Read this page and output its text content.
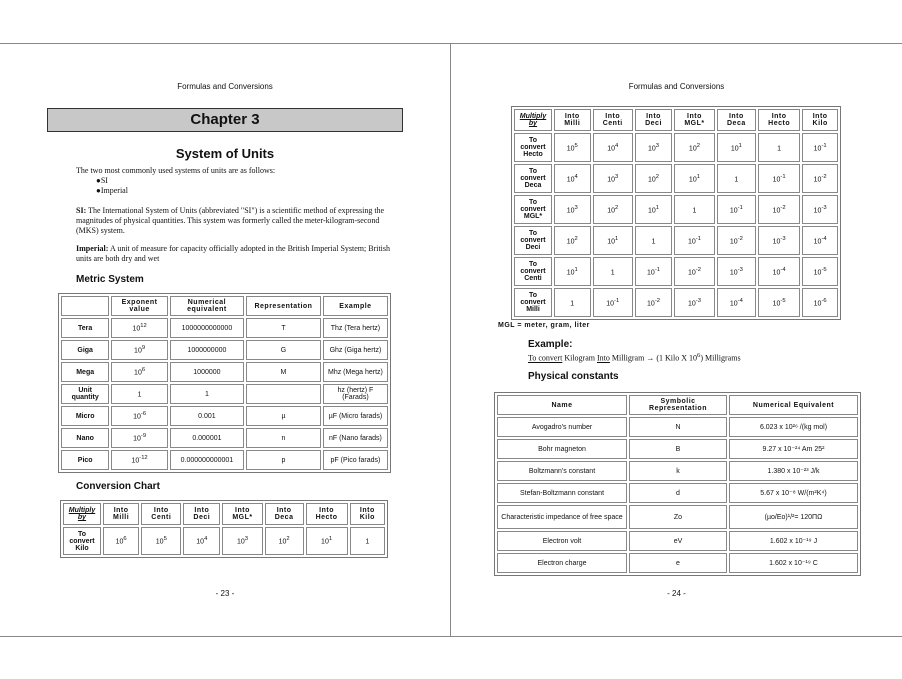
Formulas and Conversions
Chapter 3
System of Units
The two most commonly used systems of units are as follows:
●SI
●Imperial
SI: The International System of Units (abbreviated "SI") is a scientific method of expressing the magnitudes of physical quantities. This system was formerly called the meter-kilogram-second (MKS) system.
Imperial: A unit of measure for capacity officially adopted in the British Imperial System; British units are both dry and wet
Metric System
	Exponent value	Numerical equivalent	Representation	Example
Tera	$10^{12}$	1000000000000	T	Thz (Tera hertz)
Giga	$10^9$	1000000000	G	Ghz (Giga hertz)
Mega	$10^6$	1000000	M	Mhz (Mega hertz)
Unit quantity	1	1		hz (hertz) F (Farads)
Micro	$10^{-6}$	0.001	µ	µF (Micro farads)
Nano	$10^{-9}$	0.000001	n	nF (Nano farads)
Pico	$10^{-12}$	0.000000000001	p	pF (Pico farads)
Conversion Chart
Multiply by	Into Milli	Into Centi	Into Deci	Into MGL*	Into Deca	Into Hecto	Into Kilo
To convert Kilo	$10^6$	$10^5$	$10^4$	$10^3$	$10^2$	$10^1$	1
- 23 -
Formulas and Conversions
Multiply by	Into Milli	Into Centi	Into Deci	Into MGL*	Into Deca	Into Hecto	Into Kilo
To convert Hecto	$10^5$	$10^4$	$10^3$	$10^2$	$10^1$	1	$10^{-1}$
To convert Deca	$10^4$	$10^3$	$10^2$	$10^1$	1	$10^{-1}$	$10^{-2}$
To convert MGL*	$10^3$	$10^2$	$10^1$	1	$10^{-1}$	$10^{-2}$	$10^{-3}$
To convert Deci	$10^2$	$10^1$	1	$10^{-1}$	$10^{-2}$	$10^{-3}$	$10^{-4}$
To convert Centi	$10^1$	1	$10^{-1}$	$10^{-2}$	$10^{-3}$	$10^{-4}$	$10^{-5}$
To convert Milli	1	$10^{-1}$	$10^{-2}$	$10^{-3}$	$10^{-4}$	$10^{-5}$	$10^{-6}$
MGL = meter, gram, liter
Example:
To convert Kilogram Into Milligram → (1 Kilo X $10^6$) Milligrams
Physical constants
Name	Symbolic Representation	Numerical Equivalent
Avogadro's number	N	6.023 x 10²⁶ /(kg mol)
Bohr magneton	B	9.27 x 10⁻²⁴ Am 25²
Boltzmann's constant	k	1.380 x 10⁻²³ J/k
Stefan-Boltzmann constant	d	5.67 x 10⁻⁸ W/(m²K⁴)
Characteristic impedance of free space	Zo	(µo/Eo)¹/²= 120ΠΩ
Electron volt	eV	1.602 x 10⁻¹⁹ J
Electron charge	e	1.602 x 10⁻¹⁹ C
- 24 -
